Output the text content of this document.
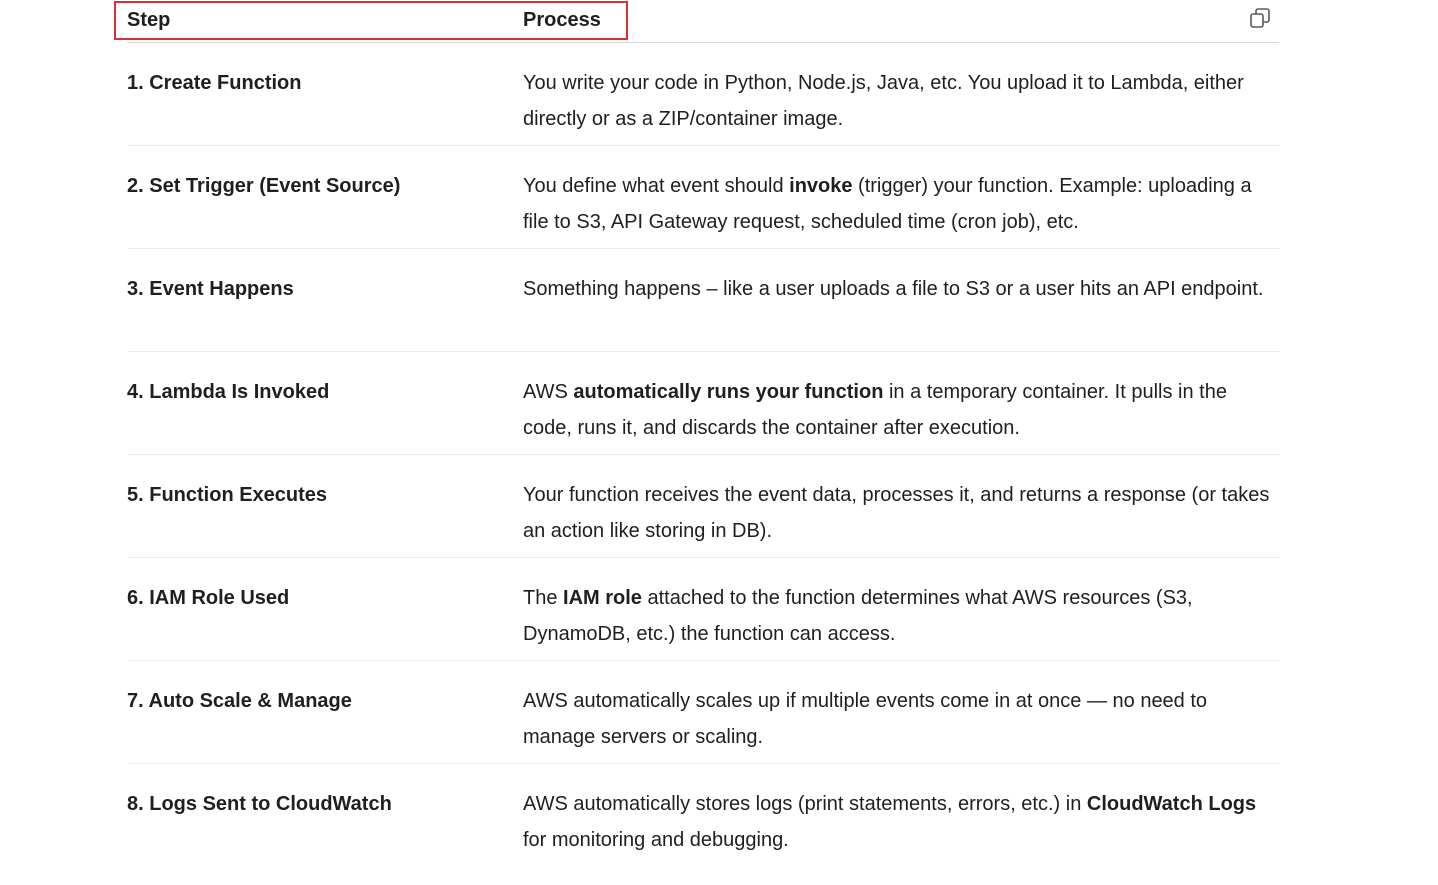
Step	Process
1. Create Function	You write your code in Python, Node.js, Java, etc. You upload it to Lambda, either directly or as a ZIP/container image.
2. Set Trigger (Event Source)	You define what event should invoke (trigger) your function. Example: uploading a file to S3, API Gateway request, scheduled time (cron job), etc.
3. Event Happens	Something happens – like a user uploads a file to S3 or a user hits an API endpoint.
4. Lambda Is Invoked	AWS automatically runs your function in a temporary container. It pulls in the code, runs it, and discards the container after execution.
5. Function Executes	Your function receives the event data, processes it, and returns a response (or takes an action like storing in DB).
6. IAM Role Used	The IAM role attached to the function determines what AWS resources (S3, DynamoDB, etc.) the function can access.
7. Auto Scale & Manage	AWS automatically scales up if multiple events come in at once — no need to manage servers or scaling.
8. Logs Sent to CloudWatch	AWS automatically stores logs (print statements, errors, etc.) in CloudWatch Logs for monitoring and debugging.
